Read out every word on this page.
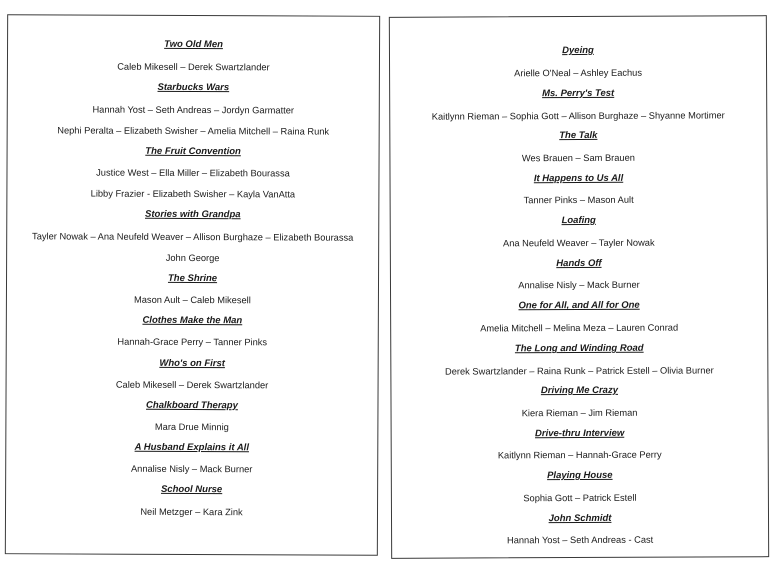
Two Old Men
Caleb Mikesell – Derek Swartzlander
Starbucks Wars
Hannah Yost – Seth Andreas – Jordyn Garmatter
Nephi Peralta – Elizabeth Swisher – Amelia Mitchell – Raina Runk
The Fruit Convention
Justice West – Ella Miller – Elizabeth Bourassa
Libby Frazier - Elizabeth Swisher – Kayla VanAtta
Stories with Grandpa
Tayler Nowak – Ana Neufeld Weaver – Allison Burghaze – Elizabeth Bourassa
John George
The Shrine
Mason Ault – Caleb Mikesell
Clothes Make the Man
Hannah-Grace Perry – Tanner Pinks
Who's on First
Caleb Mikesell – Derek Swartzlander
Chalkboard Therapy
Mara Drue Minnig
A Husband Explains it All
Annalise Nisly – Mack Burner
School Nurse
Neil Metzger – Kara Zink
Dyeing
Arielle O'Neal – Ashley Eachus
Ms. Perry's Test
Kaitlynn Rieman – Sophia Gott – Allison Burghaze – Shyanne Mortimer
The Talk
Wes Brauen – Sam Brauen
It Happens to Us All
Tanner Pinks – Mason Ault
Loafing
Ana Neufeld Weaver – Tayler Nowak
Hands Off
Annalise Nisly – Mack Burner
One for All, and All for One
Amelia Mitchell – Melina Meza – Lauren Conrad
The Long and Winding Road
Derek Swartzlander – Raina Runk – Patrick Estell – Olivia Burner
Driving Me Crazy
Kiera Rieman – Jim Rieman
Drive-thru Interview
Kaitlynn Rieman – Hannah-Grace Perry
Playing House
Sophia Gott – Patrick Estell
John Schmidt
Hannah Yost – Seth Andreas - Cast
